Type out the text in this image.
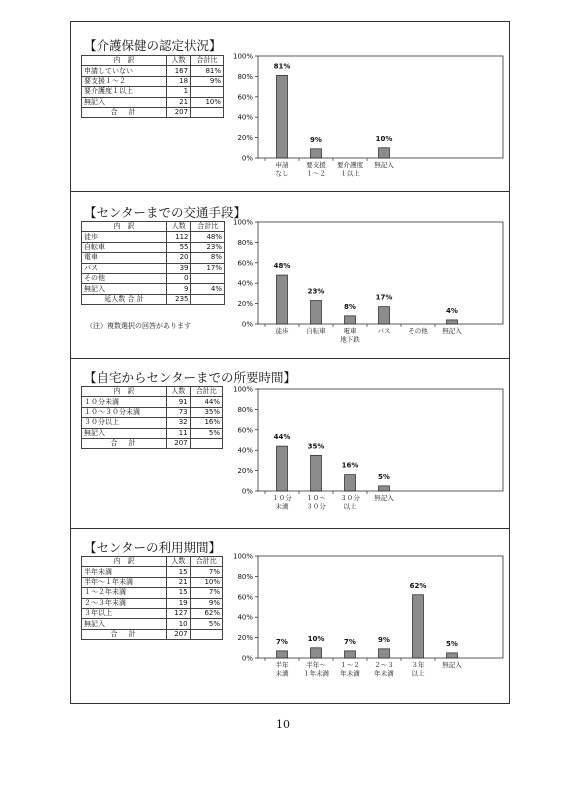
【介護保健の認定状況】
内　訳	人数	合計比
申請していない	167	81%
要支援１～２	18	9%
要介護度１以上	1	
無記入	21	10%
合　計	207	
0%
20%
40%
60%
80%
100%
81%
申請
なし
9%
要支援
１～２
要介護度
１以上
10%
無記入
【センターまでの交通手段】
内　訳	人数	合計比
徒歩	112	48%
自転車	55	23%
電車	20	8%
バス	39	17%
その他	0	
無記入	9	4%
延人数 合 計	235	
（注）複数選択の回答があります	0%
20%
40%
60%
80%
100%
48%
徒歩
23%
自転車
8%
電車
地下鉄
17%
バス	その他
4%
無記入
【自宅からセンターまでの所要時間】
内　訳	人数	合計比
１０分未満	91	44%
１０～３０分未満	73	35%
３０分以上	32	16%
無記入	11	5%
合　計	207	
0%
20%
40%
60%
80%
100%
44%
１０分
未満
35%
１０～
３０分
16%
３０分
以上
5%
無記入
【センターの利用期間】
内　訳	人数	合計比
半年未満	15	7%
半年～１年未満	21	10%
１～２年未満	15	7%
２～３年未満	19	9%
３年以上	127	62%
無記入	10	5%
合　計	207	
0%
20%
40%
60%
80%
100%
7%
半年
未満
10%
半年～
１年未満
7%
１～２
年未満
9%
２～３
年未満
62%
３年
以上
5%
無記入
10
